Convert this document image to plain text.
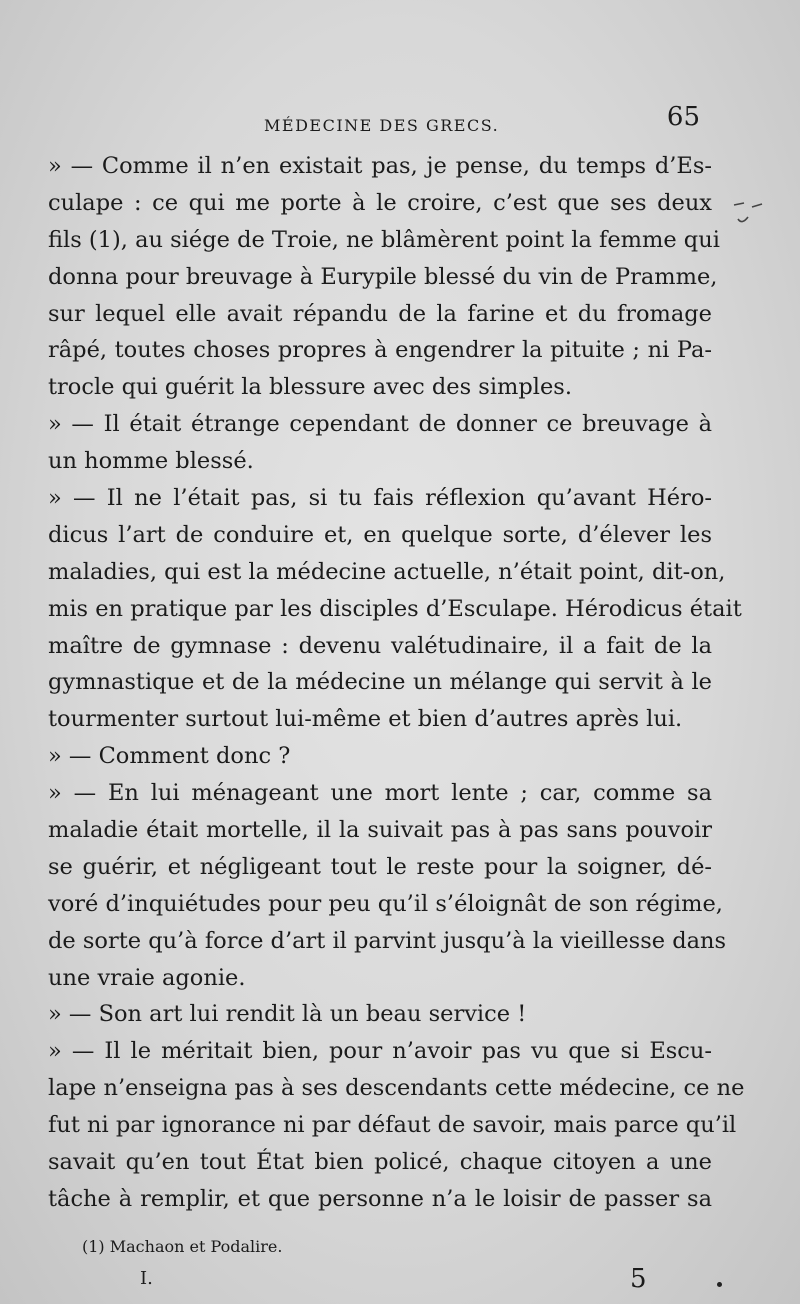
MÉDECINE DES GRECS.	65
» — Comme il n’en existait pas, je pense, du temps d’Es-
culape : ce qui me porte à le croire, c’est que ses deux
fils (1), au siége de Troie, ne blâmèrent point la femme qui
donna pour breuvage à Eurypile blessé du vin de Pramme,
sur lequel elle avait répandu de la farine et du fromage
râpé, toutes choses propres à engendrer la pituite ; ni Pa-
trocle qui guérit la blessure avec des simples.
» — Il était étrange cependant de donner ce breuvage à
un homme blessé.
» — Il ne l’était pas, si tu fais réflexion qu’avant Héro-
dicus l’art de conduire et, en quelque sorte, d’élever les
maladies, qui est la médecine actuelle, n’était point, dit-on,
mis en pratique par les disciples d’Esculape. Hérodicus était
maître de gymnase : devenu valétudinaire, il a fait de la
gymnastique et de la médecine un mélange qui servit à le
tourmenter surtout lui-même et bien d’autres après lui.
» — Comment donc ?
» — En lui ménageant une mort lente ; car, comme sa
maladie était mortelle, il la suivait pas à pas sans pouvoir
se guérir, et négligeant tout le reste pour la soigner, dé-
voré d’inquiétudes pour peu qu’il s’éloignât de son régime,
de sorte qu’à force d’art il parvint jusqu’à la vieillesse dans
une vraie agonie.
» — Son art lui rendit là un beau service !
» — Il le méritait bien, pour n’avoir pas vu que si Escu-
lape n’enseigna pas à ses descendants cette médecine, ce ne
fut ni par ignorance ni par défaut de savoir, mais parce qu’il
savait qu’en tout État bien policé, chaque citoyen a une
tâche à remplir, et que personne n’a le loisir de passer sa
(1) Machaon et Podalire.
I.	5
